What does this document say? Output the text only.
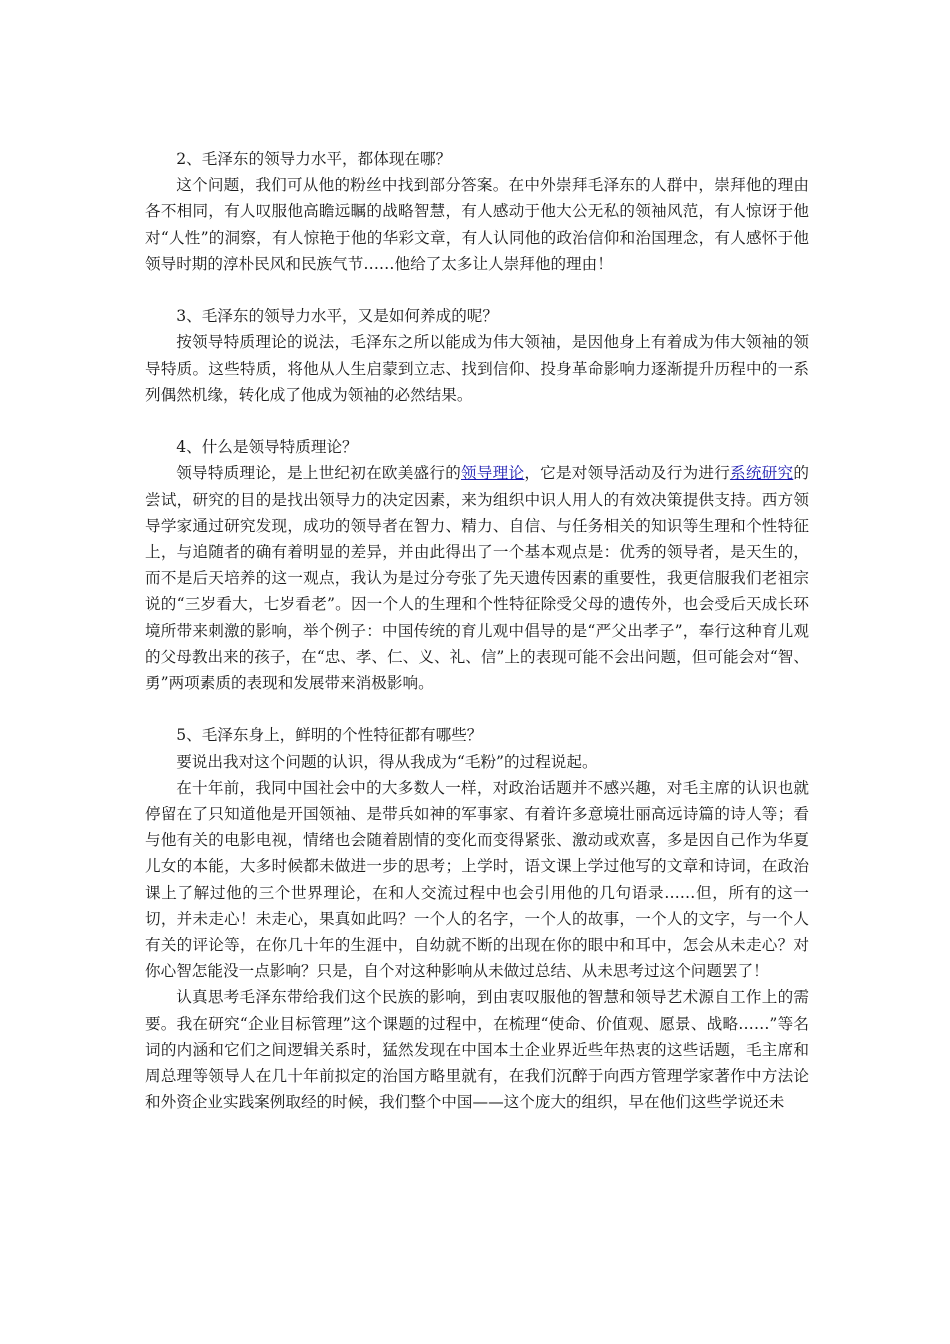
2、毛泽东的领导力水平，都体现在哪？

这个问题，我们可从他的粉丝中找到部分答案。在中外崇拜毛泽东的人群中，崇拜他的理由各不相同，有人叹服他高瞻远瞩的战略智慧，有人感动于他大公无私的领袖风范，有人惊讶于他对“人性”的洞察，有人惊艳于他的华彩文章，有人认同他的政治信仰和治国理念，有人感怀于他领导时期的淳朴民风和民族气节……他给了太多让人崇拜他的理由！

3、毛泽东的领导力水平，又是如何养成的呢？

按领导特质理论的说法，毛泽东之所以能成为伟大领袖，是因他身上有着成为伟大领袖的领导特质。这些特质，将他从人生启蒙到立志、找到信仰、投身革命影响力逐渐提升历程中的一系列偶然机缘，转化成了他成为领袖的必然结果。

4、什么是领导特质理论？

领导特质理论，是上世纪初在欧美盛行的领导理论，它是对领导活动及行为进行系统研究的尝试，研究的目的是找出领导力的决定因素，来为组织中识人用人的有效决策提供支持。西方领导学家通过研究发现，成功的领导者在智力、精力、自信、与任务相关的知识等生理和个性特征上，与追随者的确有着明显的差异，并由此得出了一个基本观点是：优秀的领导者，是天生的，而不是后天培养的这一观点，我认为是过分夸张了先天遗传因素的重要性，我更信服我们老祖宗说的“三岁看大，七岁看老”。因一个人的生理和个性特征除受父母的遗传外，也会受后天成长环境所带来刺激的影响，举个例子：中国传统的育儿观中倡导的是“严父出孝子”，奉行这种育儿观的父母教出来的孩子，在“忠、孝、仁、义、礼、信”上的表现可能不会出问题，但可能会对“智、勇”两项素质的表现和发展带来消极影响。

5、毛泽东身上，鲜明的个性特征都有哪些？

要说出我对这个问题的认识，得从我成为“毛粉”的过程说起。

在十年前，我同中国社会中的大多数人一样，对政治话题并不感兴趣，对毛主席的认识也就停留在了只知道他是开国领袖、是带兵如神的军事家、有着许多意境壮丽高远诗篇的诗人等；看与他有关的电影电视，情绪也会随着剧情的变化而变得紧张、激动或欢喜，多是因自己作为华夏儿女的本能，大多时候都未做进一步的思考；上学时，语文课上学过他写的文章和诗词，在政治课上了解过他的三个世界理论，在和人交流过程中也会引用他的几句语录……但，所有的这一切，并未走心！未走心，果真如此吗？一个人的名字，一个人的故事，一个人的文字，与一个人有关的评论等，在你几十年的生涯中，自幼就不断的出现在你的眼中和耳中，怎会从未走心？对你心智怎能没一点影响？只是，自个对这种影响从未做过总结、从未思考过这个问题罢了！

认真思考毛泽东带给我们这个民族的影响，到由衷叹服他的智慧和领导艺术源自工作上的需要。我在研究“企业目标管理”这个课题的过程中，在梳理“使命、价值观、愿景、战略……”等名词的内涵和它们之间逻辑关系时，猛然发现在中国本土企业界近些年热衷的这些话题，毛主席和周总理等领导人在几十年前拟定的治国方略里就有，在我们沉醉于向西方管理学家著作中方法论和外资企业实践案例取经的时候，我们整个中国——这个庞大的组织，早在他们这些学说还未
